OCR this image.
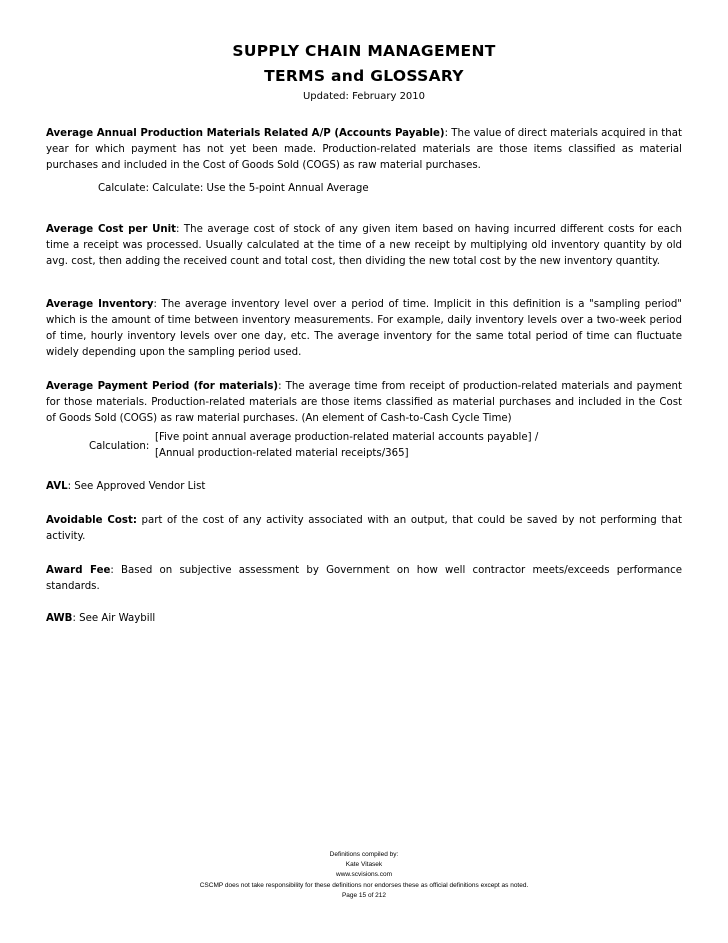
SUPPLY CHAIN MANAGEMENT
TERMS and GLOSSARY
Updated: February 2010
Average Annual Production Materials Related A/P (Accounts Payable): The value of direct materials acquired in that year for which payment has not yet been made. Production-related materials are those items classified as material purchases and included in the Cost of Goods Sold (COGS) as raw material purchases.
Calculate: Calculate: Use the 5-point Annual Average
Average Cost per Unit: The average cost of stock of any given item based on having incurred different costs for each time a receipt was processed. Usually calculated at the time of a new receipt by multiplying old inventory quantity by old avg. cost, then adding the received count and total cost, then dividing the new total cost by the new inventory quantity.
Average Inventory: The average inventory level over a period of time. Implicit in this definition is a "sampling period" which is the amount of time between inventory measurements. For example, daily inventory levels over a two-week period of time, hourly inventory levels over one day, etc. The average inventory for the same total period of time can fluctuate widely depending upon the sampling period used.
Average Payment Period (for materials): The average time from receipt of production-related materials and payment for those materials. Production-related materials are those items classified as material purchases and included in the Cost of Goods Sold (COGS) as raw material purchases. (An element of Cash-to-Cash Cycle Time)
Calculation:
[Five point annual average production-related material accounts payable] /
[Annual production-related material receipts/365]
AVL: See Approved Vendor List
Avoidable Cost: part of the cost of any activity associated with an output, that could be saved by not performing that activity.
Award Fee: Based on subjective assessment by Government on how well contractor meets/exceeds performance standards.
AWB: See Air Waybill
Definitions compiled by:
Kate Vitasek
www.scvisions.com
CSCMP does not take responsibility for these definitions nor endorses these as official definitions except as noted.
Page 15 of 212
